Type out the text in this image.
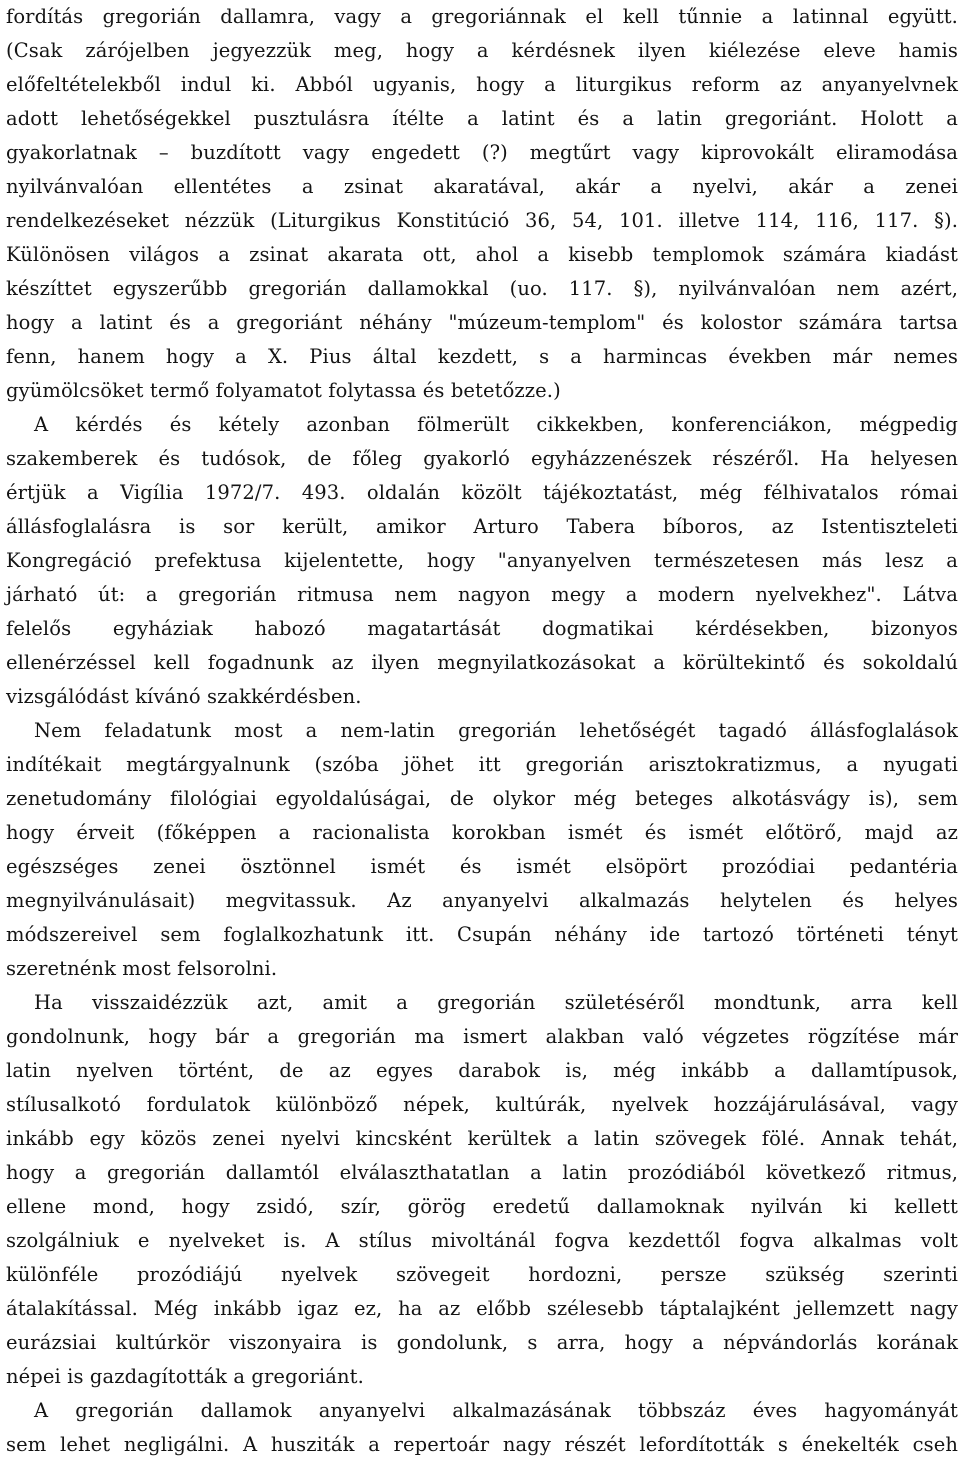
fordítás gregorián dallamra, vagy a gregoriánnak el kell tűnnie a latinnal együtt.
(Csak zárójelben jegyezzük meg, hogy a kérdésnek ilyen kiélezése eleve hamis
előfeltételekből indul ki. Abból ugyanis, hogy a liturgikus reform az anyanyelvnek
adott lehetőségekkel pusztulásra ítélte a latint és a latin gregoriánt. Holott a
gyakorlatnak – buzdított vagy engedett (?) megtűrt vagy kiprovokált eliramodása
nyilvánvalóan ellentétes a zsinat akaratával, akár a nyelvi, akár a zenei
rendelkezéseket nézzük (Liturgikus Konstitúció 36, 54, 101. illetve 114, 116, 117. §).
Különösen világos a zsinat akarata ott, ahol a kisebb templomok számára kiadást
készíttet egyszerűbb gregorián dallamokkal (uo. 117. §), nyilvánvalóan nem azért,
hogy a latint és a gregoriánt néhány "múzeum-templom" és kolostor számára tartsa
fenn, hanem hogy a X. Pius által kezdett, s a harmincas években már nemes
gyümölcsöket termő folyamatot folytassa és betetőzze.)
A kérdés és kétely azonban fölmerült cikkekben, konferenciákon, mégpedig
szakemberek és tudósok, de főleg gyakorló egyházzenészek részéről. Ha helyesen
értjük a Vigília 1972/7. 493. oldalán közölt tájékoztatást, még félhivatalos római
állásfoglalásra is sor került, amikor Arturo Tabera bíboros, az Istentiszteleti
Kongregáció prefektusa kijelentette, hogy "anyanyelven természetesen más lesz a
járható út: a gregorián ritmusa nem nagyon megy a modern nyelvekhez". Látva
felelős egyháziak habozó magatartását dogmatikai kérdésekben, bizonyos
ellenérzéssel kell fogadnunk az ilyen megnyilatkozásokat a körültekintő és sokoldalú
vizsgálódást kívánó szakkérdésben.
Nem feladatunk most a nem-latin gregorián lehetőségét tagadó állásfoglalások
indítékait megtárgyalnunk (szóba jöhet itt gregorián arisztokratizmus, a nyugati
zenetudomány filológiai egyoldalúságai, de olykor még beteges alkotásvágy is), sem
hogy érveit (főképpen a racionalista korokban ismét és ismét előtörő, majd az
egészséges zenei ösztönnel ismét és ismét elsöpört prozódiai pedantéria
megnyilvánulásait) megvitassuk. Az anyanyelvi alkalmazás helytelen és helyes
módszereivel sem foglalkozhatunk itt. Csupán néhány ide tartozó történeti tényt
szeretnénk most felsorolni.
Ha visszaidézzük azt, amit a gregorián születéséről mondtunk, arra kell
gondolnunk, hogy bár a gregorián ma ismert alakban való végzetes rögzítése már
latin nyelven történt, de az egyes darabok is, még inkább a dallamtípusok,
stílusalkotó fordulatok különböző népek, kultúrák, nyelvek hozzájárulásával, vagy
inkább egy közös zenei nyelvi kincsként kerültek a latin szövegek fölé. Annak tehát,
hogy a gregorián dallamtól elválaszthatatlan a latin prozódiából következő ritmus,
ellene mond, hogy zsidó, szír, görög eredetű dallamoknak nyilván ki kellett
szolgálniuk e nyelveket is. A stílus mivoltánál fogva kezdettől fogva alkalmas volt
különféle prozódiájú nyelvek szövegeit hordozni, persze szükség szerinti
átalakítással. Még inkább igaz ez, ha az előbb szélesebb táptalajként jellemzett nagy
eurázsiai kultúrkör viszonyaira is gondolunk, s arra, hogy a népvándorlás korának
népei is gazdagították a gregoriánt.
A gregorián dallamok anyanyelvi alkalmazásának többszáz éves hagyományát
sem lehet negligálni. A husziták a repertoár nagy részét lefordították s énekelték cseh
